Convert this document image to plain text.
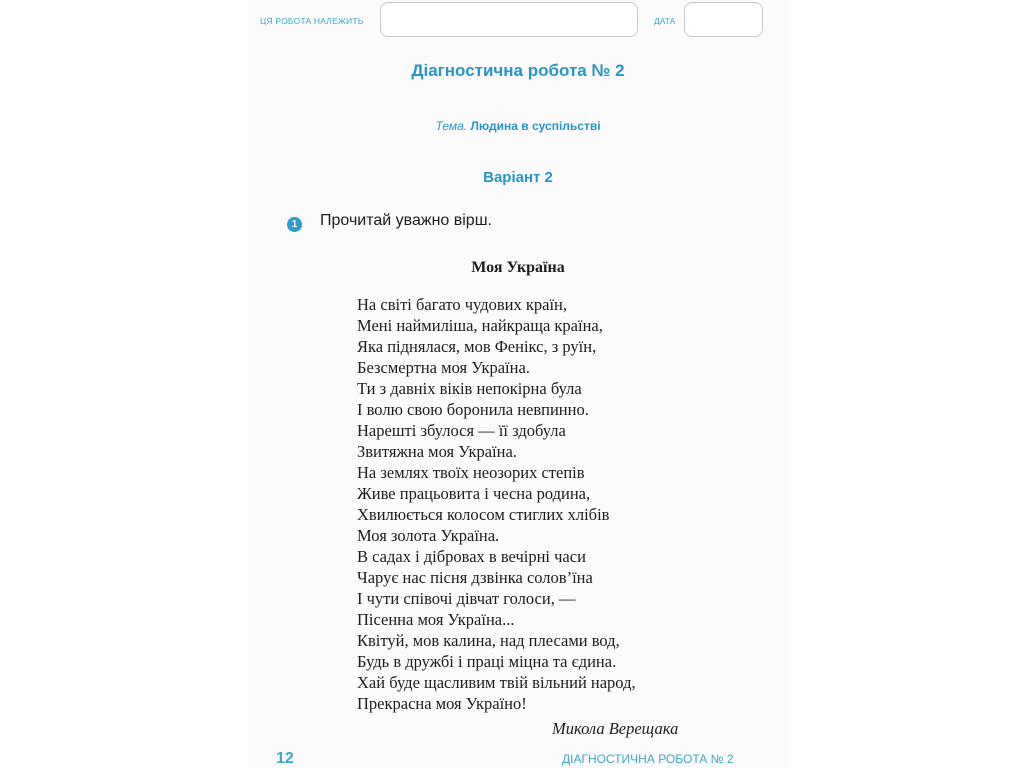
ЦЯ РОБОТА НАЛЕЖИТЬ	ДАТА
Діагностична робота № 2
Тема. Людина в суспільстві
Варіант 2
1 Прочитай уважно вірш.
Моя Україна
На світі багато чудових країн,
Мені наймиліша, найкраща країна,
Яка піднялася, мов Фенікс, з руїн,
Безсмертна моя Україна.
Ти з давніх віків непокірна була
І волю свою боронила невпинно.
Нарешті збулося — її здобула
Звитяжна моя Україна.
На землях твоїх неозорих степів
Живе працьовита і чесна родина,
Хвилюється колосом стиглих хлібів
Моя золота Україна.
В садах і дібровах в вечірні часи
Чарує нас пісня дзвінка солов’їна
І чути співочі дівчат голоси, —
Пісенна моя Україна...
Квітуй, мов калина, над плесами вод,
Будь в дружбі і праці міцна та єдина.
Хай буде щасливим твій вільний народ,
Прекрасна моя Україно!
Микола Верещака
12	ДІАГНОСТИЧНА РОБОТА № 2
